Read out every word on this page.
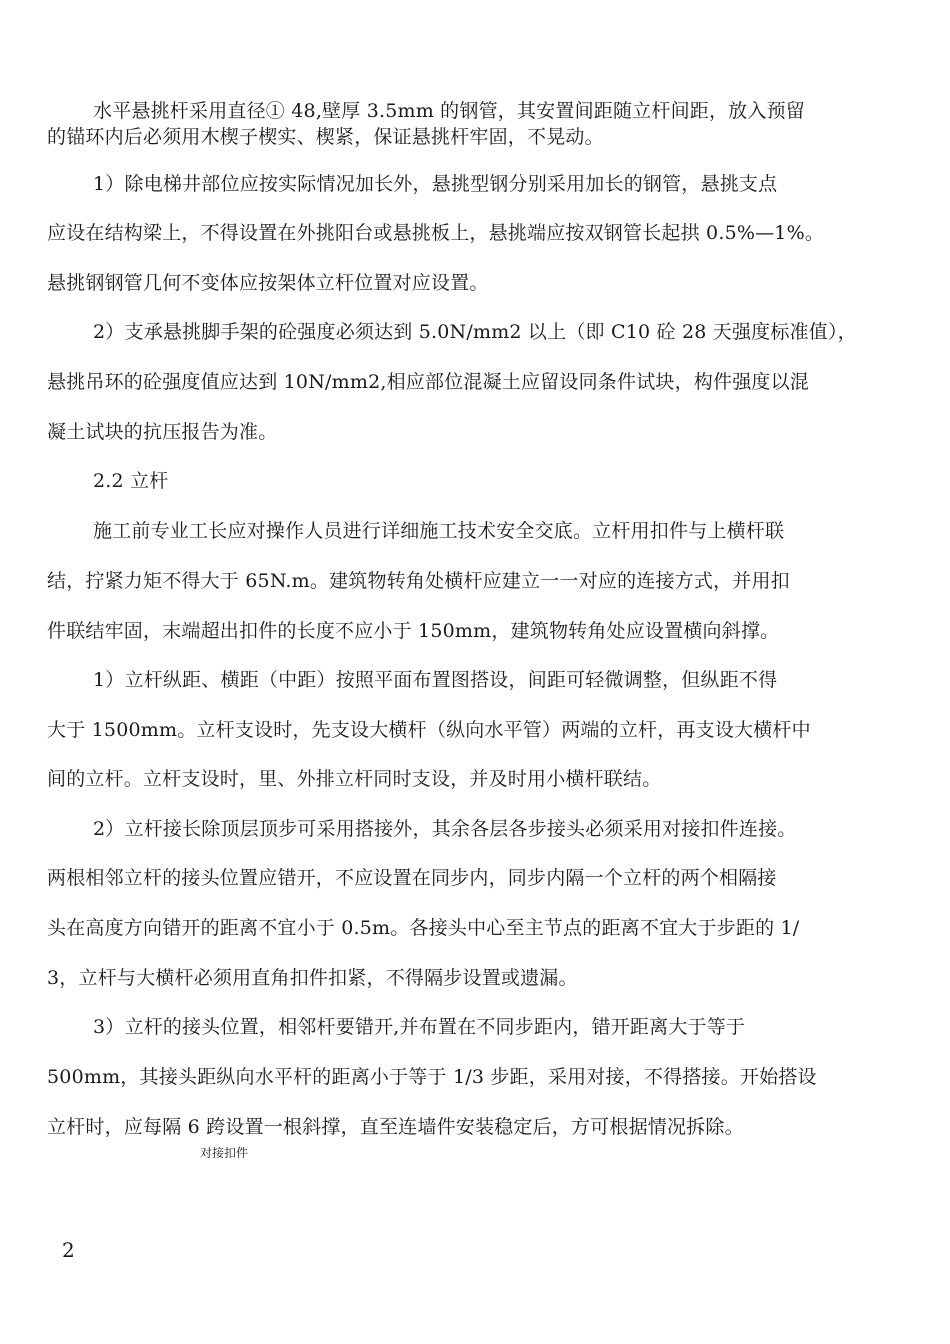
水平悬挑杆采用直径① 48,壁厚 3.5mm 的钢管，其安置间距随立杆间距，放入预留

的锚环内后必须用木楔子楔实、楔紧，保证悬挑杆牢固，不晃动。

1）除电梯井部位应按实际情况加长外，悬挑型钢分别采用加长的钢管，悬挑支点

应设在结构梁上，不得设置在外挑阳台或悬挑板上，悬挑端应按双钢管长起拱 0.5%—1%。

悬挑钢钢管几何不变体应按架体立杆位置对应设置。

2）支承悬挑脚手架的砼强度必须达到 5.0N/mm2 以上（即 C10 砼 28 天强度标准值），

悬挑吊环的砼强度值应达到 10N/mm2,相应部位混凝土应留设同条件试块，构件强度以混

凝土试块的抗压报告为准。

2.2 立杆

施工前专业工长应对操作人员进行详细施工技术安全交底。立杆用扣件与上横杆联

结，拧紧力矩不得大于 65N.m。建筑物转角处横杆应建立一一对应的连接方式，并用扣

件联结牢固，末端超出扣件的长度不应小于 150mm，建筑物转角处应设置横向斜撑。

1）立杆纵距、横距（中距）按照平面布置图搭设，间距可轻微调整，但纵距不得

大于 1500mm。立杆支设时，先支设大横杆（纵向水平管）两端的立杆，再支设大横杆中

间的立杆。立杆支设时，里、外排立杆同时支设，并及时用小横杆联结。

2）立杆接长除顶层顶步可采用搭接外，其余各层各步接头必须采用对接扣件连接。

两根相邻立杆的接头位置应错开，不应设置在同步内，同步内隔一个立杆的两个相隔接

头在高度方向错开的距离不宜小于 0.5m。各接头中心至主节点的距离不宜大于步距的 1/

3，立杆与大横杆必须用直角扣件扣紧，不得隔步设置或遗漏。

3）立杆的接头位置，相邻杆要错开,并布置在不同步距内，错开距离大于等于

500mm，其接头距纵向水平杆的距离小于等于 1/3 步距，采用对接，不得搭接。开始搭设

立杆时，应每隔 6 跨设置一根斜撑，直至连墙件安装稳定后，方可根据情况拆除。

对接扣件

2
